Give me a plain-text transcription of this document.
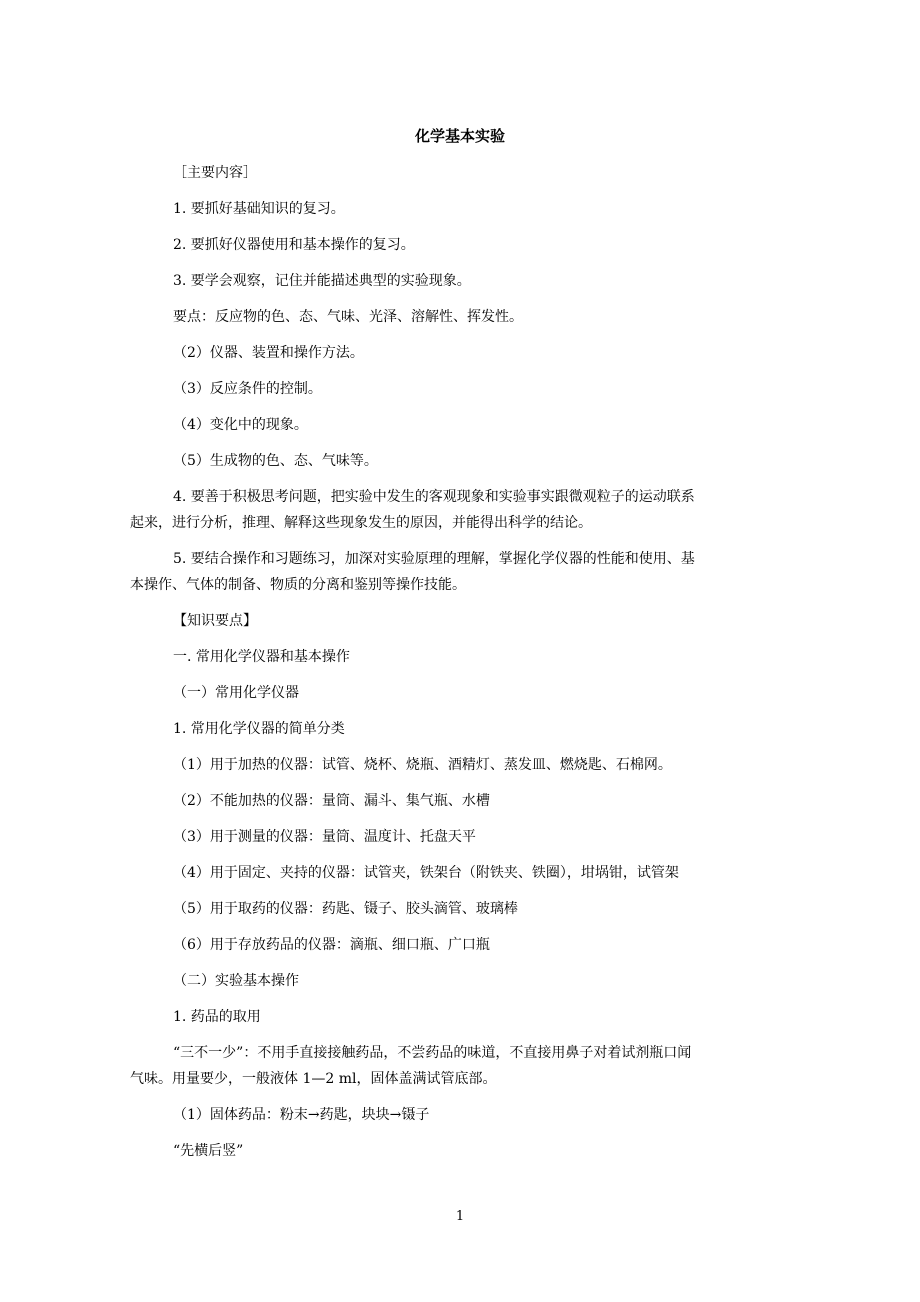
化学基本实验
［主要内容］
1. 要抓好基础知识的复习。
2. 要抓好仪器使用和基本操作的复习。
3. 要学会观察，记住并能描述典型的实验现象。
要点：反应物的色、态、气味、光泽、溶解性、挥发性。
（2）仪器、装置和操作方法。
（3）反应条件的控制。
（4）变化中的现象。
（5）生成物的色、态、气味等。
4. 要善于积极思考问题，把实验中发生的客观现象和实验事实跟微观粒子的运动联系
起来，进行分析，推理、解释这些现象发生的原因，并能得出科学的结论。
5. 要结合操作和习题练习，加深对实验原理的理解，掌握化学仪器的性能和使用、基
本操作、气体的制备、物质的分离和鉴别等操作技能。
【知识要点】
一. 常用化学仪器和基本操作
（一）常用化学仪器
1. 常用化学仪器的简单分类
（1）用于加热的仪器：试管、烧杯、烧瓶、酒精灯、蒸发皿、燃烧匙、石棉网。
（2）不能加热的仪器：量筒、漏斗、集气瓶、水槽
（3）用于测量的仪器：量筒、温度计、托盘天平
（4）用于固定、夹持的仪器：试管夹，铁架台（附铁夹、铁圈），坩埚钳，试管架
（5）用于取药的仪器：药匙、镊子、胶头滴管、玻璃棒
（6）用于存放药品的仪器：滴瓶、细口瓶、广口瓶
（二）实验基本操作
1. 药品的取用
“三不一少”：不用手直接接触药品，不尝药品的味道，不直接用鼻子对着试剂瓶口闻
气味。用量要少，一般液体 1—2 ml，固体盖满试管底部。
（1）固体药品：粉末→药匙，块块→镊子
“先横后竖”
1
